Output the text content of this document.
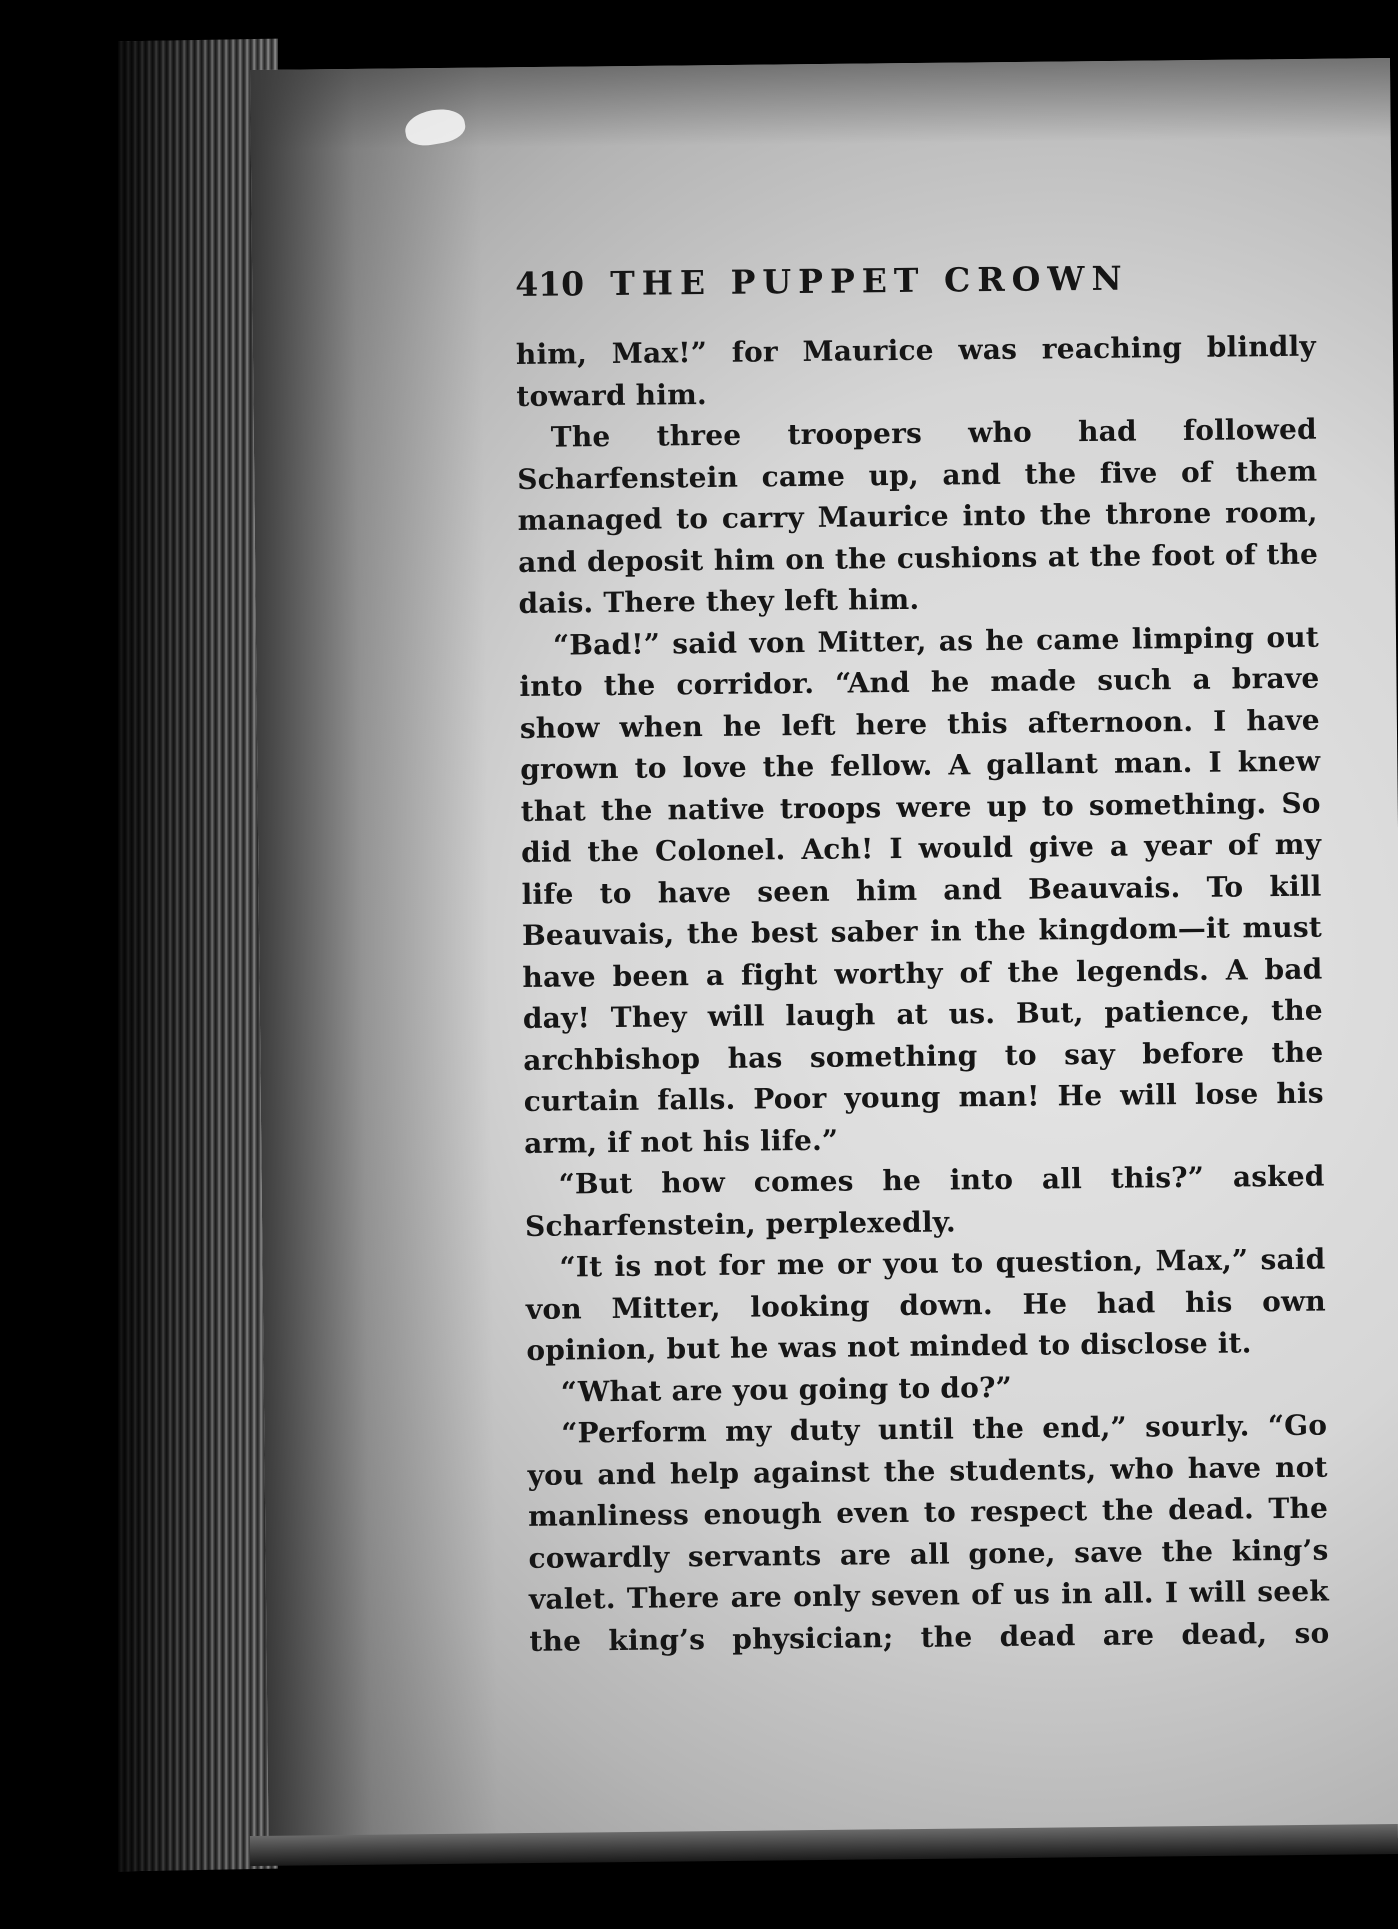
410 THE PUPPET CROWN

him, Max!” for Maurice was reaching blindly toward him.

The three troopers who had followed Scharfenstein came up, and the five of them managed to carry Maurice into the throne room, and deposit him on the cushions at the foot of the dais. There they left him.

“Bad!” said von Mitter, as he came limping out into the corridor. “And he made such a brave show when he left here this afternoon. I have grown to love the fellow. A gallant man. I knew that the native troops were up to something. So did the Colonel. Ach! I would give a year of my life to have seen him and Beauvais. To kill Beauvais, the best saber in the kingdom—it must have been a fight worthy of the legends. A bad day! They will laugh at us. But, patience, the archbishop has something to say before the curtain falls. Poor young man! He will lose his arm, if not his life.”

“But how comes he into all this?” asked Scharfenstein, perplexedly.

“It is not for me or you to question, Max,” said von Mitter, looking down. He had his own opinion, but he was not minded to disclose it.

“What are you going to do?”

“Perform my duty until the end,” sourly. “Go you and help against the students, who have not manliness enough even to respect the dead. The cowardly servants are all gone, save the king’s valet. There are only seven of us in all. I will seek the king’s physician; the dead are dead, so
